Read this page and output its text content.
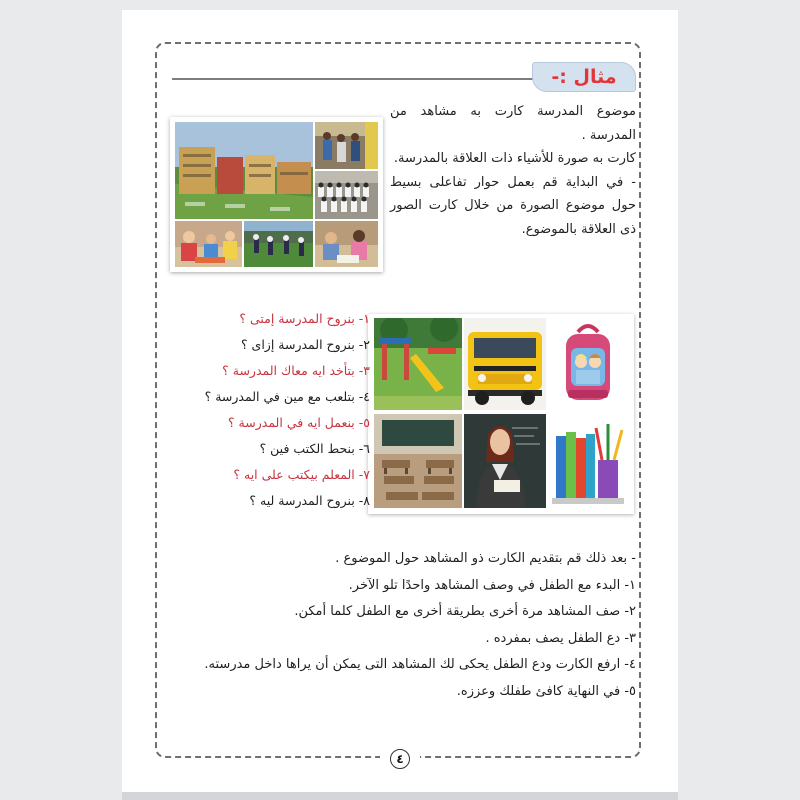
مثال :-
موضوع المدرسة كارت به مشاهد من المدرسة .
كارت به صورة للأشياء ذات العلاقة بالمدرسة.
- في البداية قم بعمل حوار تفاعلى بسيط حول موضوع الصورة من خلال كارت الصور ذى العلاقة بالموضوع.
١- بنروح المدرسة إمتى ؟
٢- بنروح المدرسة إزاى ؟
٣- بتأخد ايه معاك المدرسة ؟
٤- بتلعب مع مين في المدرسة ؟
٥- بنعمل ايه في المدرسة ؟
٦- بنحط الكتب فين ؟
٧- المعلم بيكتب على ايه ؟
٨- بنروح المدرسة ليه ؟
- بعد ذلك قم بتقديم الكارت ذو المشاهد حول الموضوع .
١- البدء مع الطفل في وصف المشاهد واحدًا تلو الآخر.
٢- صف المشاهد مرة أخرى بطريقة أخرى مع الطفل كلما أمكن.
٣- دع الطفل يصف بمفرده .
٤- ارفع الكارت ودع الطفل يحكى لك المشاهد التى يمكن أن يراها داخل مدرسته.
٥- في النهاية كافئ طفلك وعززه.
٤
